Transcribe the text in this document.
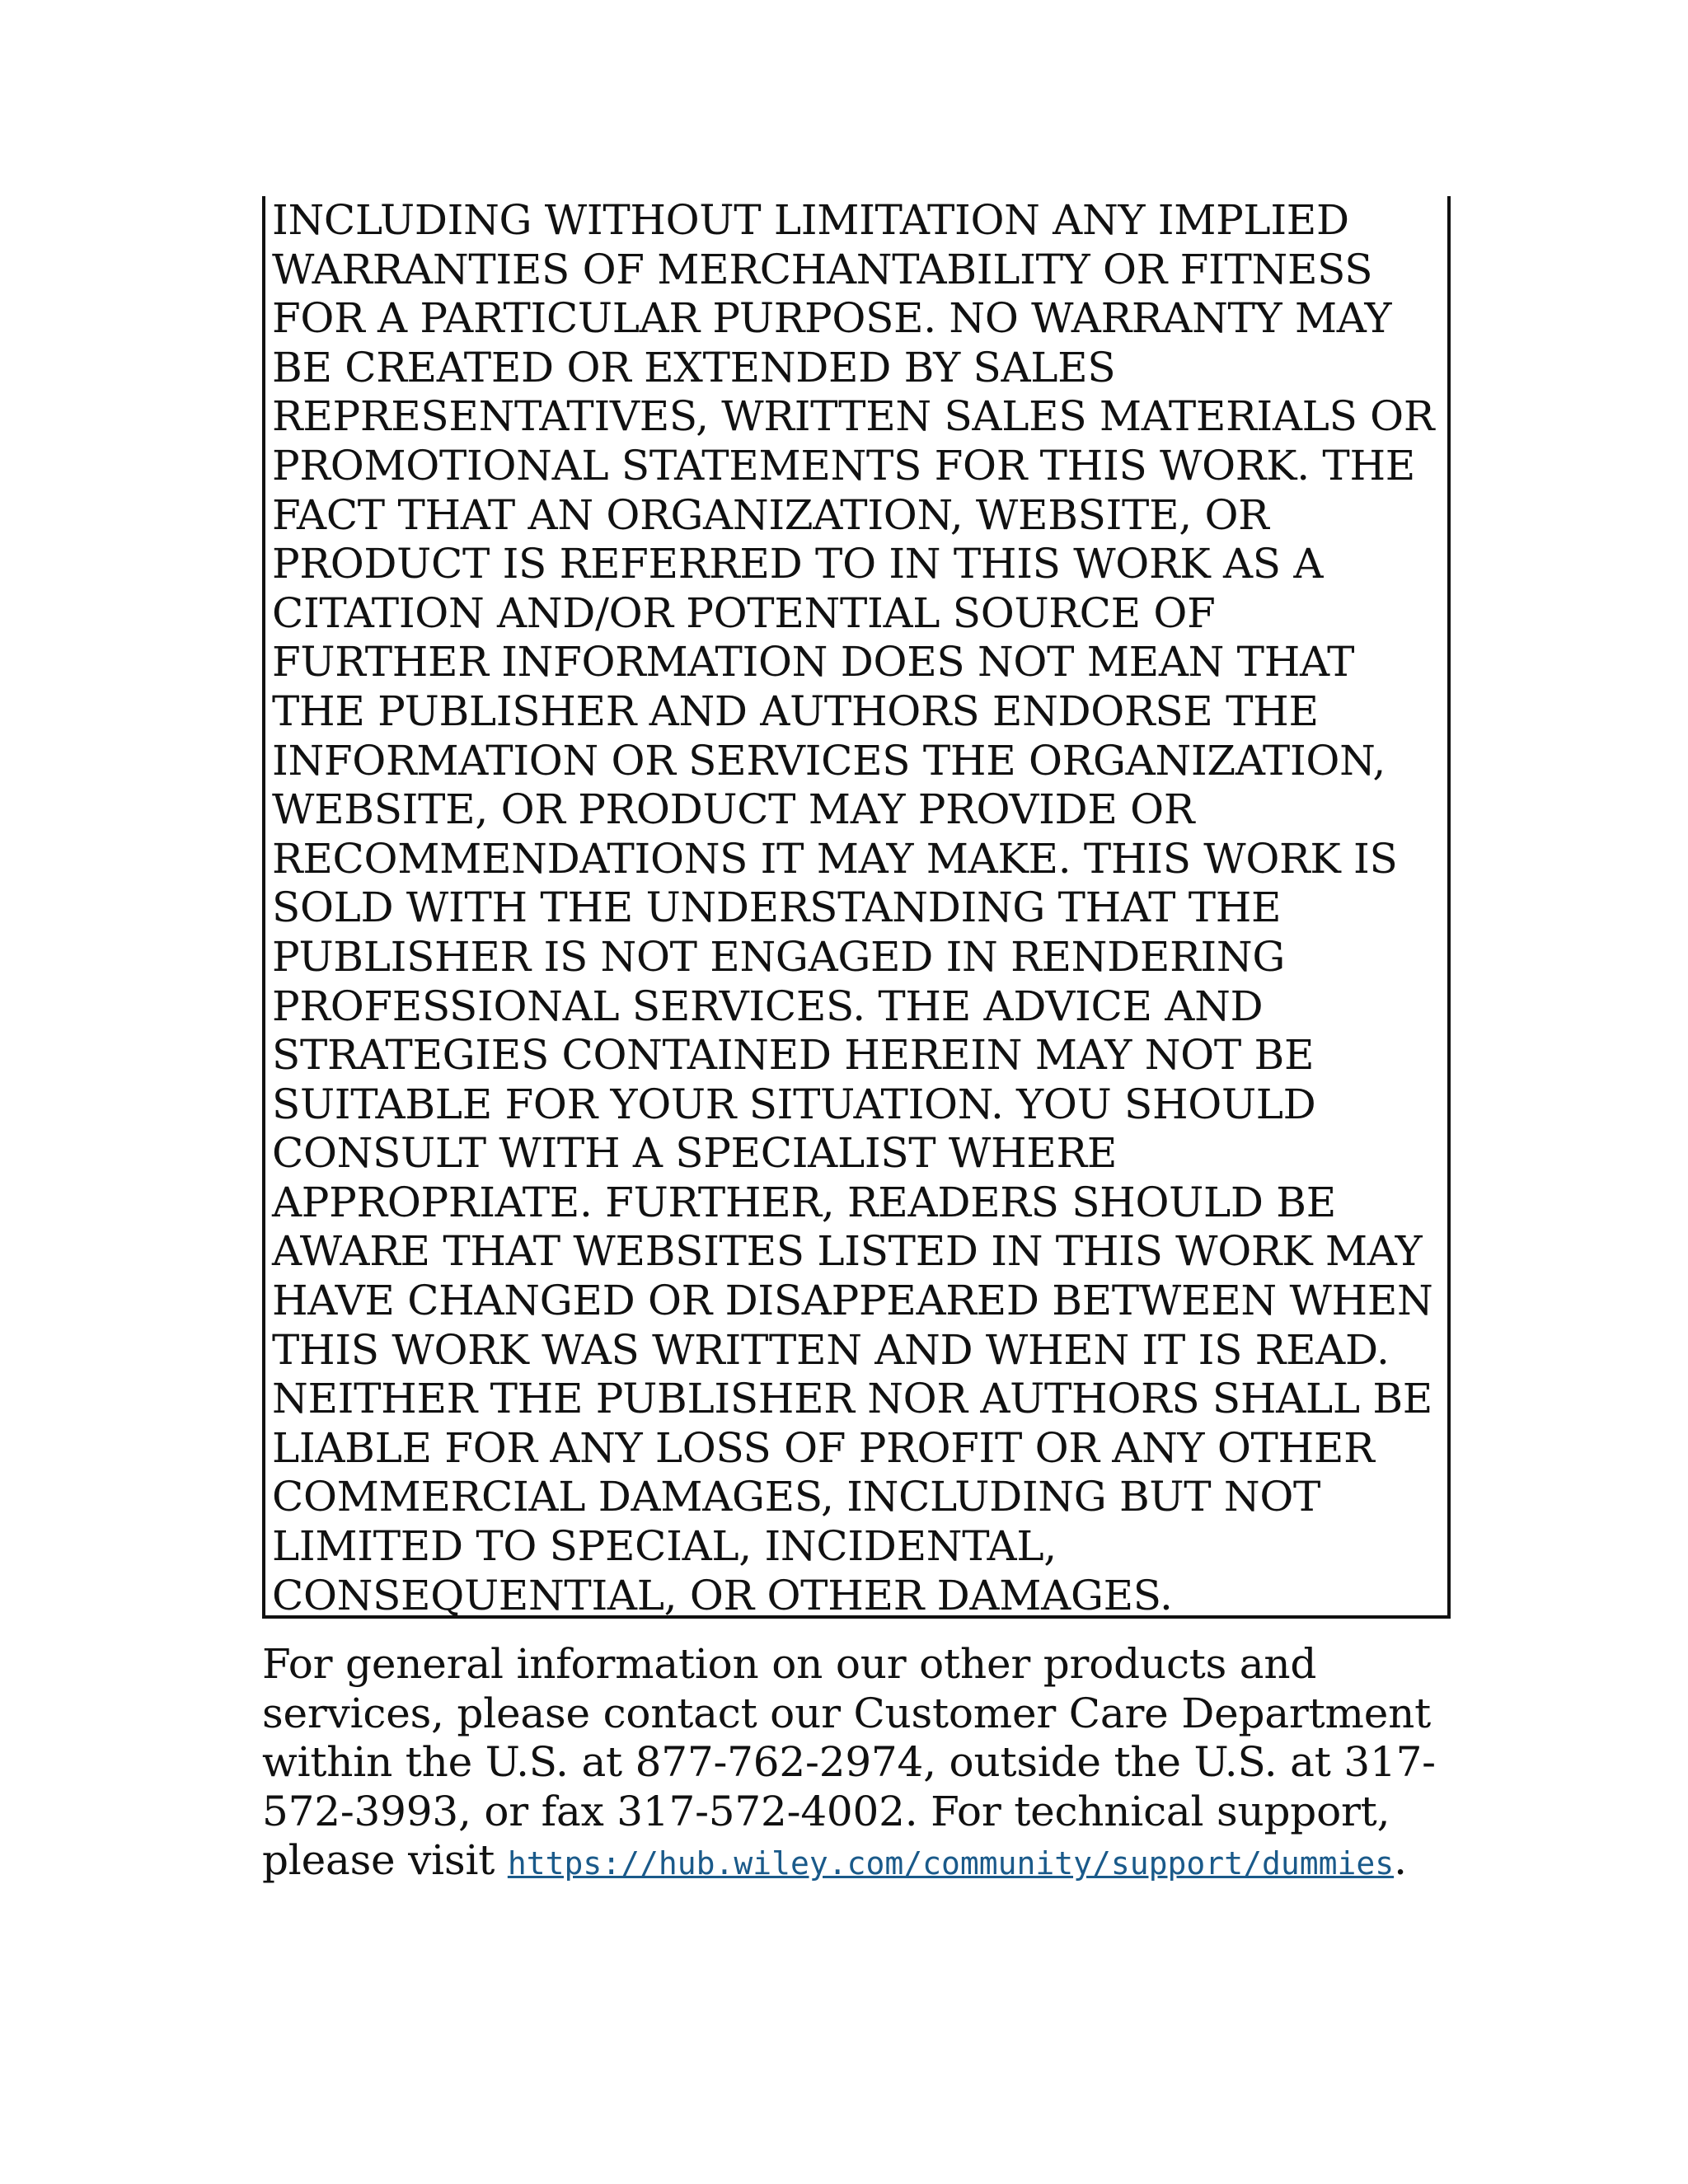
INCLUDING WITHOUT LIMITATION ANY IMPLIED
WARRANTIES OF MERCHANTABILITY OR FITNESS
FOR A PARTICULAR PURPOSE. NO WARRANTY MAY
BE CREATED OR EXTENDED BY SALES
REPRESENTATIVES, WRITTEN SALES MATERIALS OR
PROMOTIONAL STATEMENTS FOR THIS WORK. THE
FACT THAT AN ORGANIZATION, WEBSITE, OR
PRODUCT IS REFERRED TO IN THIS WORK AS A
CITATION AND/OR POTENTIAL SOURCE OF
FURTHER INFORMATION DOES NOT MEAN THAT
THE PUBLISHER AND AUTHORS ENDORSE THE
INFORMATION OR SERVICES THE ORGANIZATION,
WEBSITE, OR PRODUCT MAY PROVIDE OR
RECOMMENDATIONS IT MAY MAKE. THIS WORK IS
SOLD WITH THE UNDERSTANDING THAT THE
PUBLISHER IS NOT ENGAGED IN RENDERING
PROFESSIONAL SERVICES. THE ADVICE AND
STRATEGIES CONTAINED HEREIN MAY NOT BE
SUITABLE FOR YOUR SITUATION. YOU SHOULD
CONSULT WITH A SPECIALIST WHERE
APPROPRIATE. FURTHER, READERS SHOULD BE
AWARE THAT WEBSITES LISTED IN THIS WORK MAY
HAVE CHANGED OR DISAPPEARED BETWEEN WHEN
THIS WORK WAS WRITTEN AND WHEN IT IS READ.
NEITHER THE PUBLISHER NOR AUTHORS SHALL BE
LIABLE FOR ANY LOSS OF PROFIT OR ANY OTHER
COMMERCIAL DAMAGES, INCLUDING BUT NOT
LIMITED TO SPECIAL, INCIDENTAL,
CONSEQUENTIAL, OR OTHER DAMAGES.
For general information on our other products and
services, please contact our Customer Care Department
within the U.S. at 877-762-2974, outside the U.S. at 317-
572-3993, or fax 317-572-4002. For technical support,
please visit https://hub.wiley.com/community/support/dummies.
